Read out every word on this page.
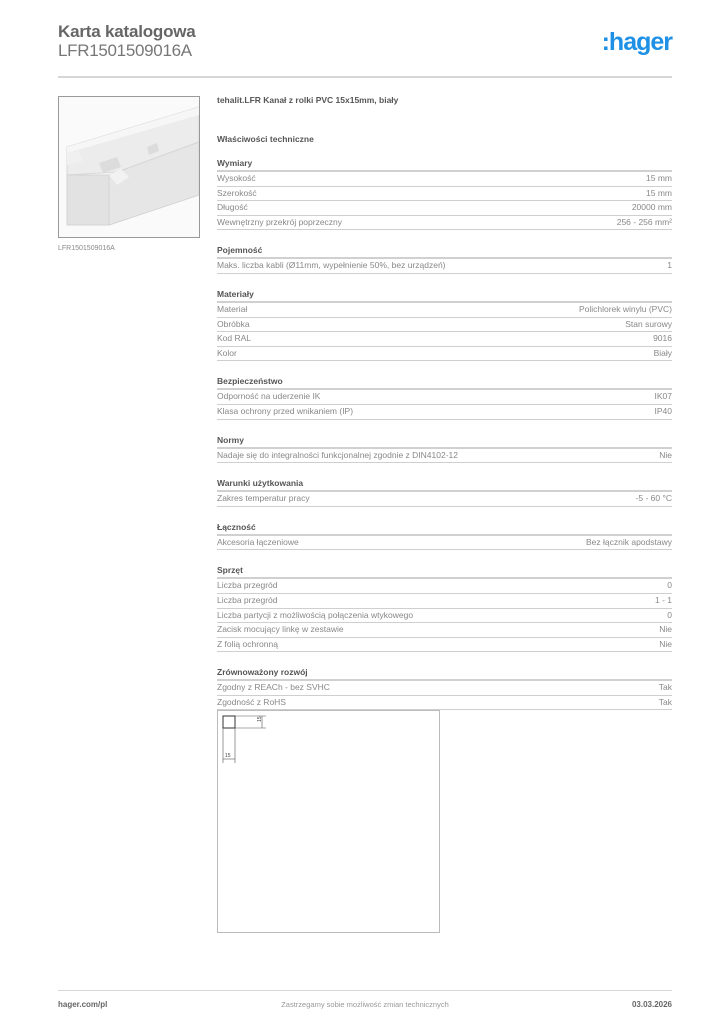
Karta katalogowa
LFR1501509016A	:hager
LFR1501509016A
tehalit.LFR Kanał z rolki PVC 15x15mm, biały
Właściwości techniczne
Wymiary
Wysokość	15 mm
Szerokość	15 mm
Długość	20000 mm
Wewnętrzny przekrój poprzeczny	256 - 256 mm²
Pojemność
Maks. liczba kabli (Ø11mm, wypełnienie 50%, bez urządzeń)	1
Materiały
Materiał	Polichlorek winylu (PVC)
Obróbka	Stan surowy
Kod RAL	9016
Kolor	Biały
Bezpieczeństwo
Odporność na uderzenie IK	IK07
Klasa ochrony przed wnikaniem (IP)	IP40
Normy
Nadaje się do integralności funkcjonalnej zgodnie z DIN4102-12	Nie
Warunki użytkowania
Zakres temperatur pracy	-5 - 60 °C
Łączność
Akcesoria łączeniowe	Bez łącznik apodstawy
Sprzęt
Liczba przegród	0
Liczba przegród	1 - 1
Liczba partycji z możliwością połączenia wtykowego	0
Zacisk mocujący linkę w zestawie	Nie
Z folią ochronną	Nie
Zrównoważony rozwój
Zgodny z REACh - bez SVHC	Tak
Zgodność z RoHS	Tak
15
15
hager.com/pl	Zastrzegamy sobie możliwość zmian technicznych	03.03.2026
